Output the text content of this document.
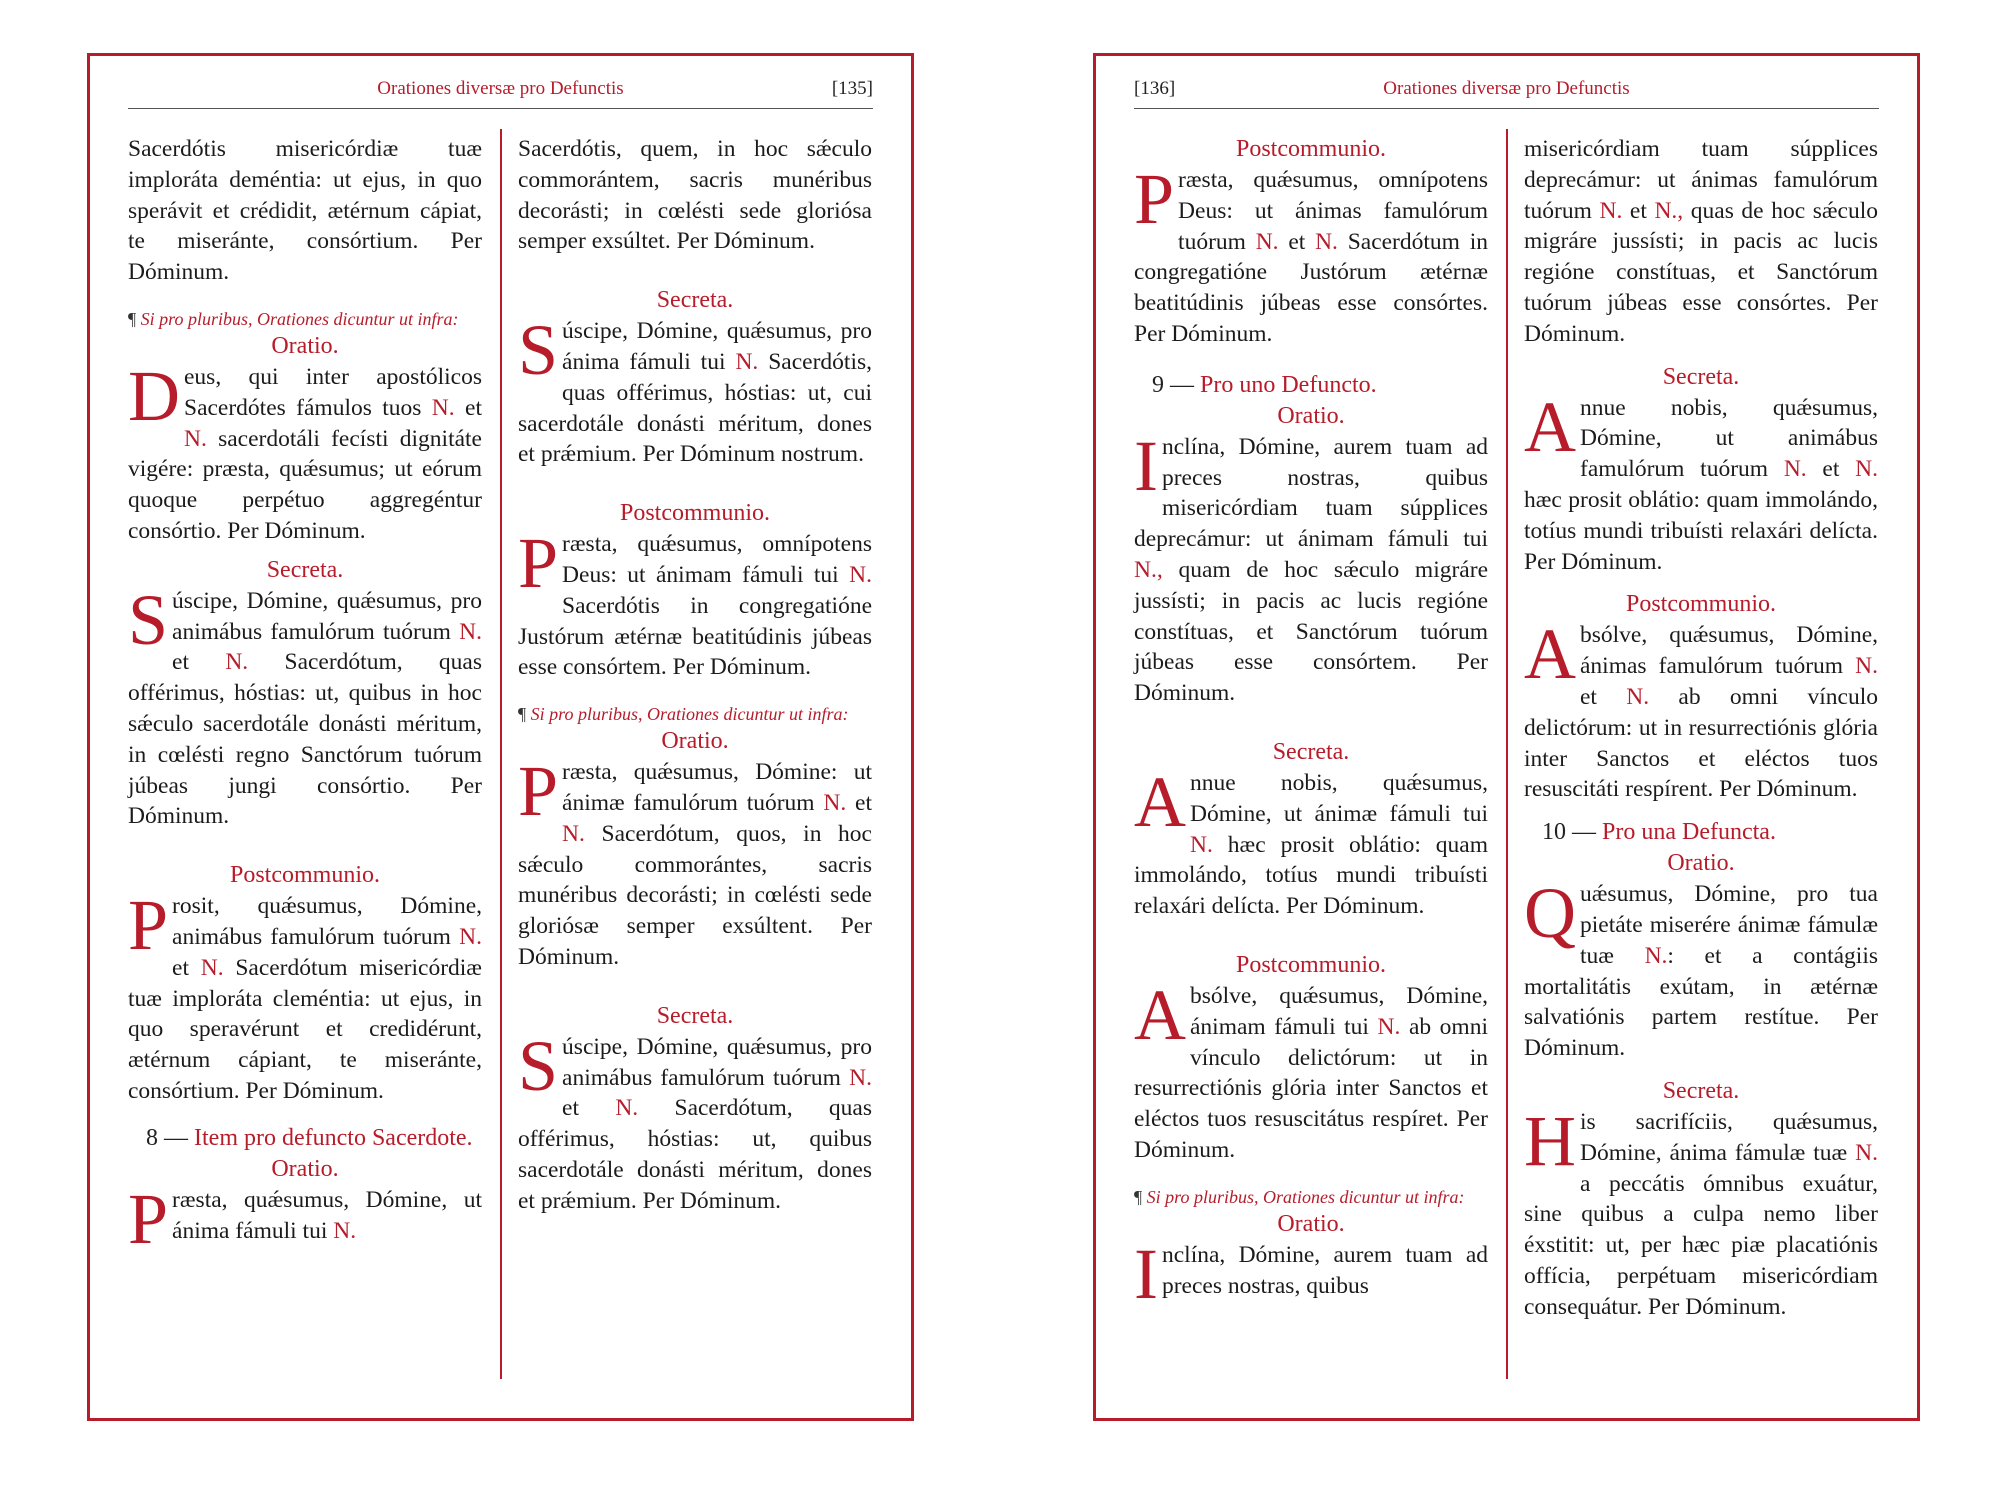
Orationes diversæ pro Defunctis	[135]

Sacerdótis misericórdiæ tuæ imploráta deméntia: ut ejus, in quo sperávit et crédidit, ætérnum cápiat, te miseránte, consórtium. Per Dóminum.

¶ Si pro pluribus, Orationes dicuntur ut infra:

Oratio.

Deus, qui inter apostólicos Sacerdótes fámulos tuos N. et N. sacerdotáli fecísti dignitáte vigére: præsta, quǽsumus; ut eórum quoque perpétuo aggregéntur consórtio. Per Dóminum.

Secreta.

Súscipe, Dómine, quǽsumus, pro animábus famulórum tuórum N. et N. Sacerdótum, quas offérimus, hóstias: ut, quibus in hoc sǽculo sacerdotále donásti méritum, in cœlésti regno Sanctórum tuórum júbeas jungi consórtio. Per Dóminum.

Postcommunio.

Prosit, quǽsumus, Dómine, animábus famulórum tuórum N. et N. Sacerdótum misericórdiæ tuæ imploráta cleméntia: ut ejus, in quo speravérunt et credidérunt, ætérnum cápiant, te miseránte, consórtium. Per Dóminum.

8 — Item pro defuncto Sacerdote.
Oratio.

Præsta, quǽsumus, Dómine, ut ánima fámuli tui N.

Sacerdótis, quem, in hoc sǽculo commorántem, sacris munéribus decorásti; in cœlésti sede gloriósa semper exsúltet. Per Dóminum.

Secreta.

Súscipe, Dómine, quǽsumus, pro ánima fámuli tui N. Sacerdótis, quas offérimus, hóstias: ut, cui sacerdotále donásti méritum, dones et prǽmium. Per Dóminum nostrum.

Postcommunio.

Præsta, quǽsumus, omnípotens Deus: ut ánimam fámuli tui N. Sacerdótis in congregatióne Justórum ætérnæ beatitúdinis júbeas esse consórtem. Per Dóminum.

¶ Si pro pluribus, Orationes dicuntur ut infra:

Oratio.

Præsta, quǽsumus, Dómine: ut ánimæ famulórum tuórum N. et N. Sacerdótum, quos, in hoc sǽculo commorántes, sacris munéribus decorásti; in cœlésti sede gloriósæ semper exsúltent. Per Dóminum.

Secreta.

Súscipe, Dómine, quǽsumus, pro animábus famulórum tuórum N. et N. Sacerdótum, quas offérimus, hóstias: ut, quibus sacerdotále donásti méritum, dones et prǽmium. Per Dóminum.

[136]	Orationes diversæ pro Defunctis
Postcommunio.

Præsta, quǽsumus, omnípotens Deus: ut ánimas famulórum tuórum N. et N. Sacerdótum in congregatióne Justórum ætérnæ beatitúdinis júbeas esse consórtes. Per Dóminum.

9 — Pro uno Defuncto.
Oratio.

Inclína, Dómine, aurem tuam ad preces nostras, quibus misericórdiam tuam súpplices deprecámur: ut ánimam fámuli tui N., quam de hoc sǽculo migráre jussísti; in pacis ac lucis regióne constítuas, et Sanctórum tuórum júbeas esse consórtem. Per Dóminum.

Secreta.

Annue nobis, quǽsumus, Dómine, ut ánimæ fámuli tui N. hæc prosit oblátio: quam immolándo, totíus mundi tribuísti relaxári delícta. Per Dóminum.

Postcommunio.

Absólve, quǽsumus, Dómine, ánimam fámuli tui N. ab omni vínculo delictórum: ut in resurrectiónis glória inter Sanctos et eléctos tuos resuscitátus respíret. Per Dóminum.

¶ Si pro pluribus, Orationes dicuntur ut infra:

Oratio.

Inclína, Dómine, aurem tuam ad preces nostras, quibus

misericórdiam tuam súpplices deprecámur: ut ánimas famulórum tuórum N. et N., quas de hoc sǽculo migráre jussísti; in pacis ac lucis regióne constítuas, et Sanctórum tuórum júbeas esse consórtes. Per Dóminum.

Secreta.

Annue nobis, quǽsumus, Dómine, ut animábus famulórum tuórum N. et N. hæc prosit oblátio: quam immolándo, totíus mundi tribuísti relaxári delícta. Per Dóminum.

Postcommunio.

Absólve, quǽsumus, Dómine, ánimas famulórum tuórum N. et N. ab omni vínculo delictórum: ut in resurrectiónis glória inter Sanctos et eléctos tuos resuscitáti respírent. Per Dóminum.

10 — Pro una Defuncta.
Oratio.

Quǽsumus, Dómine, pro tua pietáte miserére ánimæ fámulæ tuæ N.: et a contágiis mortalitátis exútam, in ætérnæ salvatiónis partem restítue. Per Dóminum.

Secreta.

His sacrifíciis, quǽsumus, Dómine, ánima fámulæ tuæ N. a peccátis ómnibus exuátur, sine quibus a culpa nemo liber éxstitit: ut, per hæc piæ placatiónis offícia, perpétuam misericórdiam consequátur. Per Dóminum.
